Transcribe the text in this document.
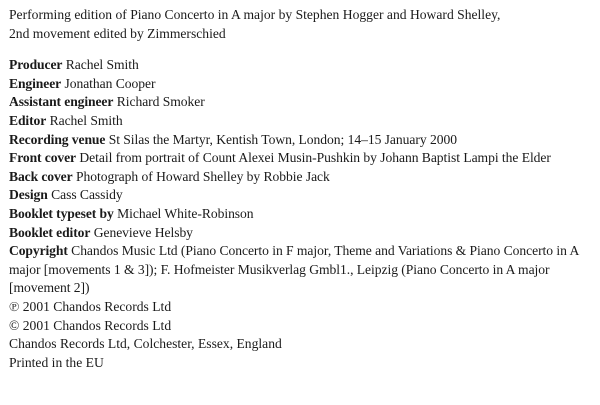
Performing edition of Piano Concerto in A major by Stephen Hogger and Howard Shelley,
2nd movement edited by Zimmerschied
Producer Rachel Smith
Engineer Jonathan Cooper
Assistant engineer Richard Smoker
Editor Rachel Smith
Recording venue St Silas the Martyr, Kentish Town, London; 14–15 January 2000
Front cover Detail from portrait of Count Alexei Musin-Pushkin by Johann Baptist Lampi the Elder
Back cover Photograph of Howard Shelley by Robbie Jack
Design Cass Cassidy
Booklet typeset by Michael White-Robinson
Booklet editor Genevieve Helsby
Copyright Chandos Music Ltd (Piano Concerto in F major, Theme and Variations & Piano Concerto in A major [movements 1 & 3]); F. Hofmeister Musikverlag Gmbl1., Leipzig (Piano Concerto in A major [movement 2])
℗ 2001 Chandos Records Ltd
© 2001 Chandos Records Ltd
Chandos Records Ltd, Colchester, Essex, England
Printed in the EU
